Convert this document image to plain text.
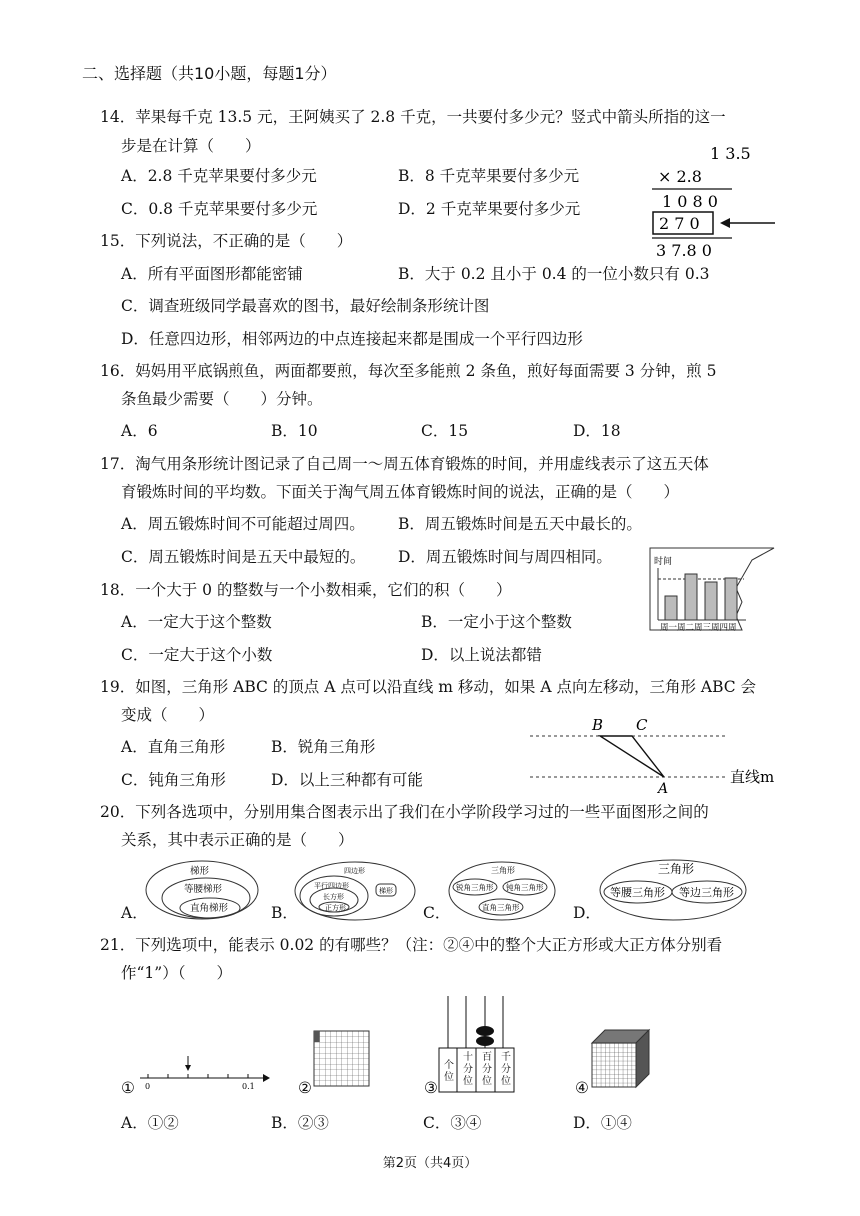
二、选择题（共10小题，每题1分）
14．苹果每千克 13.5 元，王阿姨买了 2.8 千克，一共要付多少元？竖式中箭头所指的这一
步是在计算（　　）
A．2.8 千克苹果要付多少元	B．8 千克苹果要付多少元
C．0.8 千克苹果要付多少元	D．2 千克苹果要付多少元
1 3.5
× 2.8
1 0 8 0
2 7 0
3 7.8 0
15．下列说法，不正确的是（　　）
A．所有平面图形都能密铺	B．大于 0.2 且小于 0.4 的一位小数只有 0.3
C．调查班级同学最喜欢的图书，最好绘制条形统计图
D．任意四边形，相邻两边的中点连接起来都是围成一个平行四边形
16．妈妈用平底锅煎鱼，两面都要煎，每次至多能煎 2 条鱼，煎好每面需要 3 分钟，煎 5
条鱼最少需要（　　）分钟。
A．6	B．10	C．15	D．18
17．淘气用条形统计图记录了自己周一～周五体育锻炼的时间，并用虚线表示了这五天体
育锻炼时间的平均数。下面关于淘气周五体育锻炼时间的说法，正确的是（　　）
A．周五锻炼时间不可能超过周四。 B．周五锻炼时间是五天中最长的。
C．周五锻炼时间是五天中最短的。 D．周五锻炼时间与周四相同。	时间
周一周二周三周四周
18．一个大于 0 的整数与一个小数相乘，它们的积（　　）
A．一定大于这个整数	B．一定小于这个整数
C．一定大于这个小数	D．以上说法都错
19．如图，三角形 ABC 的顶点 A 点可以沿直线 m 移动，如果 A 点向左移动，三角形 ABC 会
变成（　　）
A．直角三角形	B．锐角三角形
C．钝角三角形	D．以上三种都有可能
B C
A
直线m
20．下列各选项中，分别用集合图表示出了我们在小学阶段学习过的一些平面图形之间的
关系，其中表示正确的是（　　）
A．	B．	C．	D．
梯形
等腰梯形
直角梯形
四边形
平行四边形
长方形
正方形
梯形
三角形
锐角三角形 钝角三角形
直角三角形
三角形
等腰三角形 等边三角形
21．下列选项中，能表示 0.02 的有哪些？（注：②④中的整个大正方形或大正方体分别看
作“1”）（　　）
① 0	0.1	②	③
个位
十分位
百分位
千分位	④
A．①②	B．②③	C．③④	D．①④
第2页（共4页）
